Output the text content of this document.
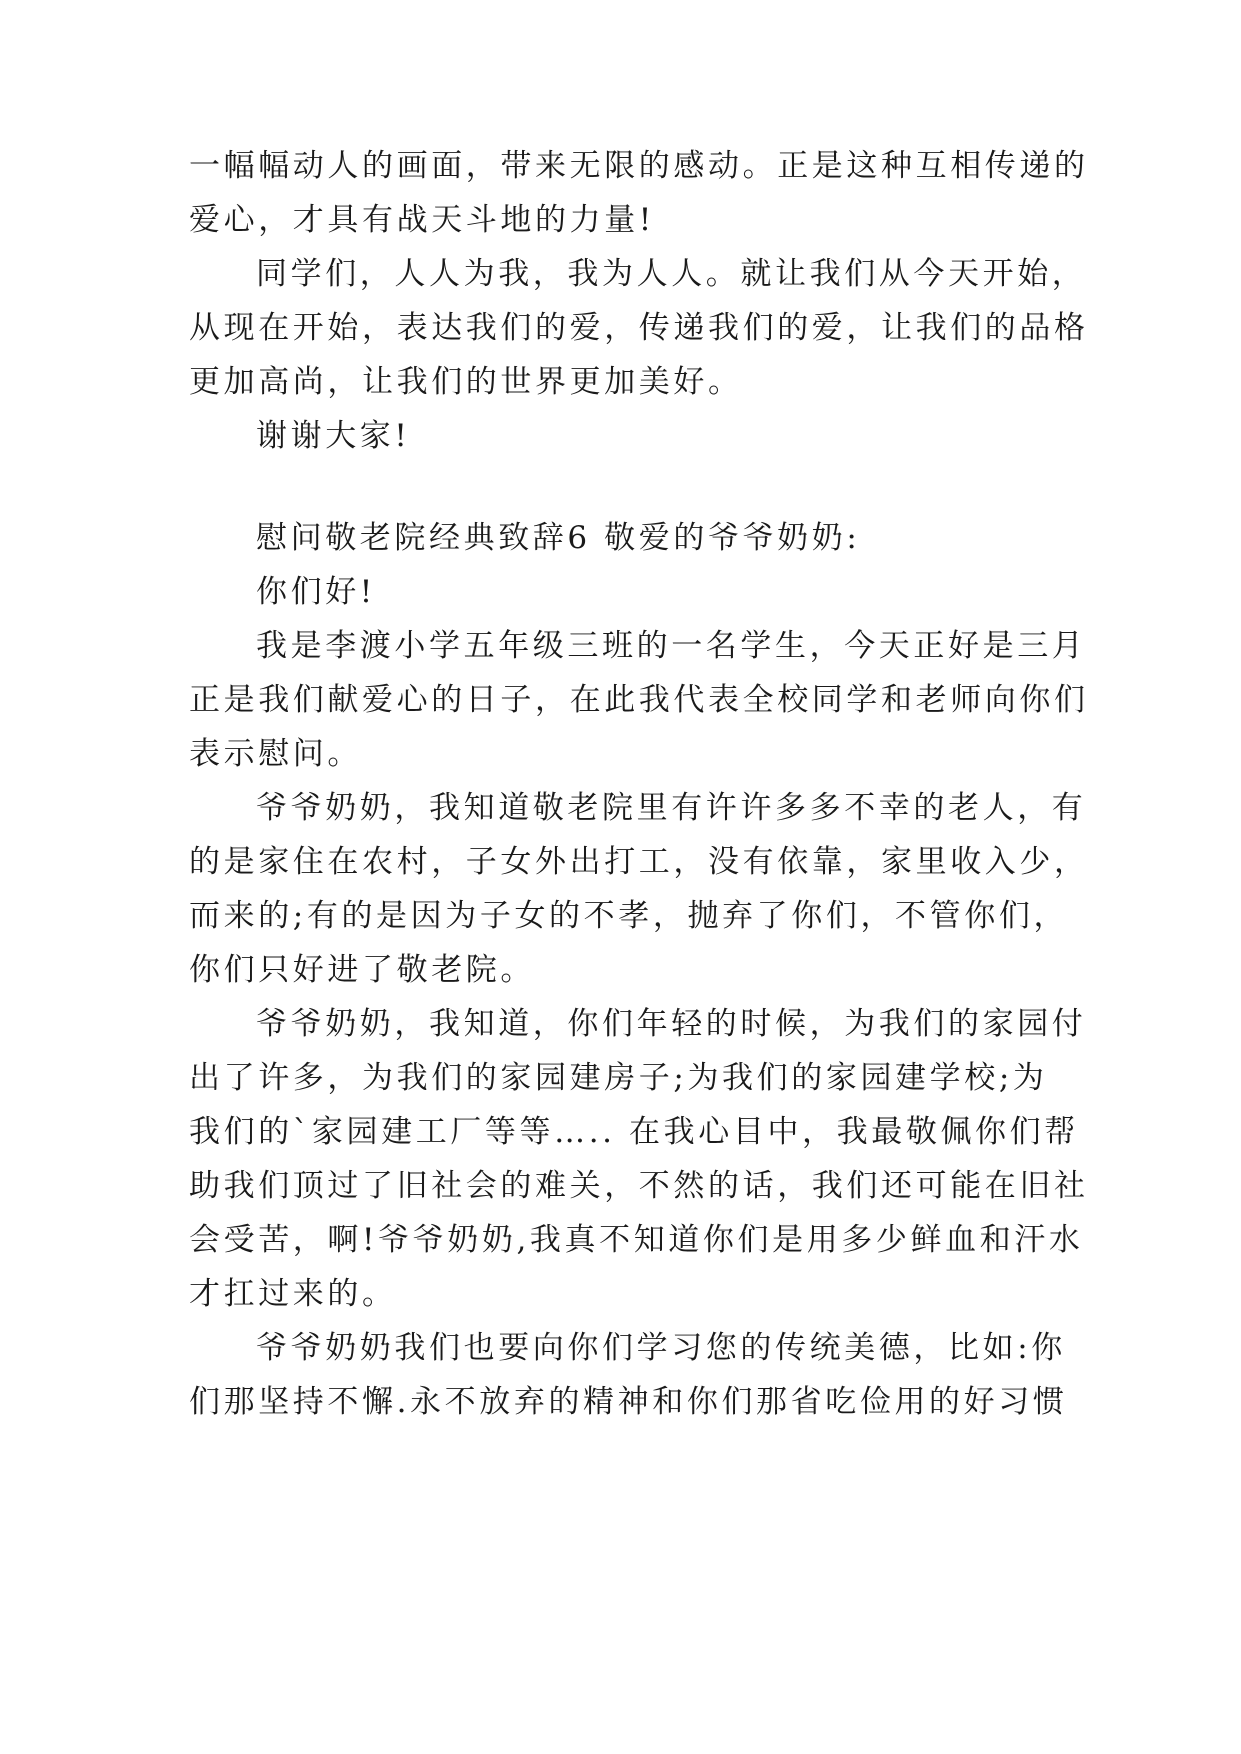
一幅幅动人的画面，带来无限的感动。正是这种互相传递的

爱心，才具有战天斗地的力量!

同学们，人人为我，我为人人。就让我们从今天开始，

从现在开始，表达我们的爱，传递我们的爱，让我们的品格

更加高尚，让我们的世界更加美好。

谢谢大家!

慰问敬老院经典致辞6 敬爱的爷爷奶奶:

你们好!

我是李渡小学五年级三班的一名学生，今天正好是三月

正是我们献爱心的日子，在此我代表全校同学和老师向你们

表示慰问。

爷爷奶奶，我知道敬老院里有许许多多不幸的老人，有

的是家住在农村，子女外出打工，没有依靠，家里收入少，

而来的;有的是因为子女的不孝，抛弃了你们，不管你们，

你们只好进了敬老院。

爷爷奶奶，我知道，你们年轻的时候，为我们的家园付

出了许多，为我们的家园建房子;为我们的家园建学校;为

我们的`家园建工厂等等….. 在我心目中，我最敬佩你们帮

助我们顶过了旧社会的难关，不然的话，我们还可能在旧社

会受苦，啊!爷爷奶奶,我真不知道你们是用多少鲜血和汗水

才扛过来的。

爷爷奶奶我们也要向你们学习您的传统美德，比如:你

们那坚持不懈.永不放弃的精神和你们那省吃俭用的好习惯
